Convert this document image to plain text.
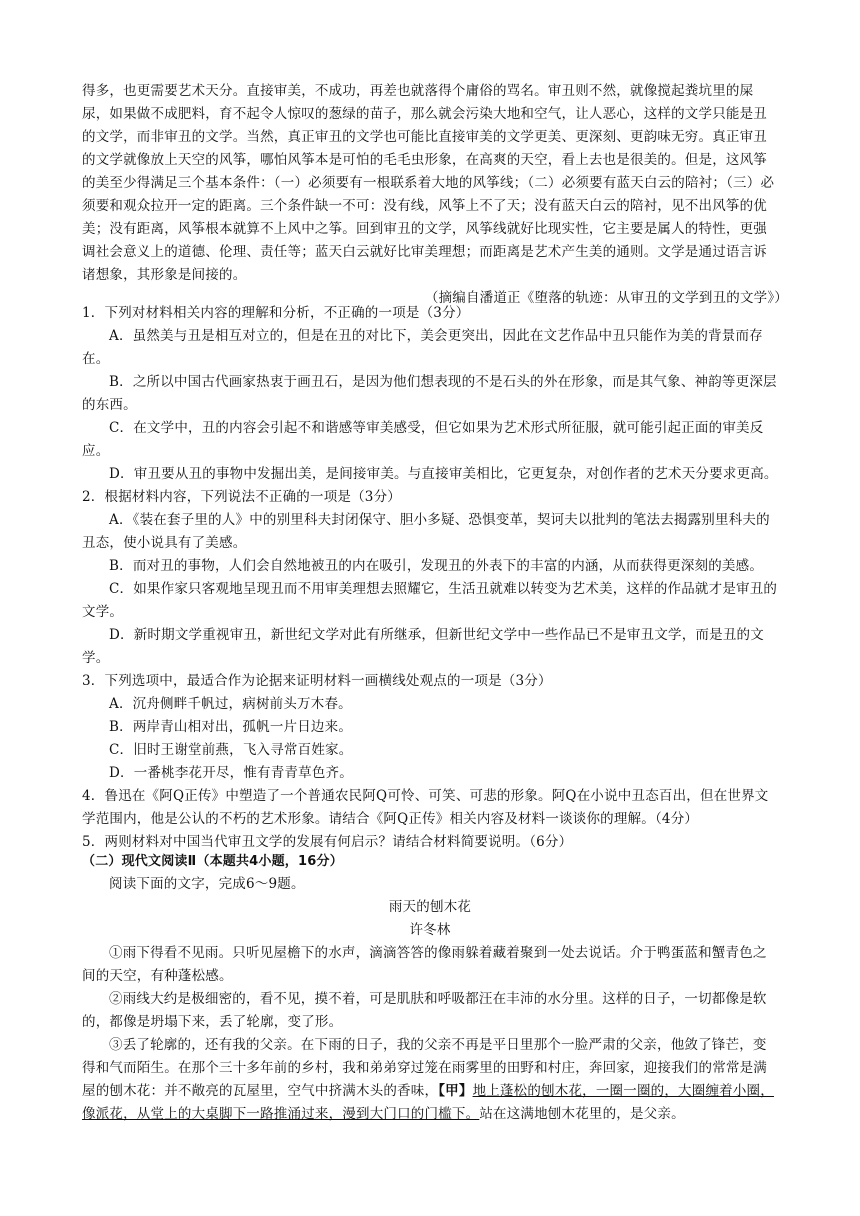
得多，也更需要艺术天分。直接审美，不成功，再差也就落得个庸俗的骂名。审丑则不然，就像搅起粪坑里的屎尿，如果做不成肥料，育不起令人惊叹的葱绿的苗子，那么就会污染大地和空气，让人恶心，这样的文学只能是丑的文学，而非审丑的文学。当然，真正审丑的文学也可能比直接审美的文学更美、更深刻、更韵味无穷。真正审丑的文学就像放上天空的风筝，哪怕风筝本是可怕的毛毛虫形象，在高爽的天空，看上去也是很美的。但是，这风筝的美至少得满足三个基本条件：（一）必须要有一根联系着大地的风筝线；（二）必须要有蓝天白云的陪衬；（三）必须要和观众拉开一定的距离。三个条件缺一不可：没有线，风筝上不了天；没有蓝天白云的陪衬，见不出风筝的优美；没有距离，风筝根本就算不上风中之筝。回到审丑的文学，风筝线就好比现实性，它主要是属人的特性，更强调社会意义上的道德、伦理、责任等；蓝天白云就好比审美理想；而距离是艺术产生美的通则。文学是通过语言诉诸想象，其形象是间接的。

（摘编自潘道正《堕落的轨迹：从审丑的文学到丑的文学》）

1．下列对材料相关内容的理解和分析，不正确的一项是（3分）

A．虽然美与丑是相互对立的，但是在丑的对比下，美会更突出，因此在文艺作品中丑只能作为美的背景而存在。

B．之所以中国古代画家热衷于画丑石，是因为他们想表现的不是石头的外在形象，而是其气象、神韵等更深层的东西。

C．在文学中，丑的内容会引起不和谐感等审美感受，但它如果为艺术形式所征服，就可能引起正面的审美反应。

D．审丑要从丑的事物中发掘出美，是间接审美。与直接审美相比，它更复杂，对创作者的艺术天分要求更高。

2．根据材料内容，下列说法不正确的一项是（3分）

A．《装在套子里的人》中的别里科夫封闭保守、胆小多疑、恐惧变革，契诃夫以批判的笔法去揭露别里科夫的丑态，使小说具有了美感。

B．而对丑的事物，人们会自然地被丑的内在吸引，发现丑的外表下的丰富的内涵，从而获得更深刻的美感。

C．如果作家只客观地呈现丑而不用审美理想去照耀它，生活丑就难以转变为艺术美，这样的作品就才是审丑的文学。

D．新时期文学重视审丑，新世纪文学对此有所继承，但新世纪文学中一些作品已不是审丑文学，而是丑的文学。

3．下列选项中，最适合作为论据来证明材料一画横线处观点的一项是（3分）

A．沉舟侧畔千帆过，病树前头万木春。

B．两岸青山相对出，孤帆一片日边来。

C．旧时王谢堂前燕，飞入寻常百姓家。

D．一番桃李花开尽，惟有青青草色齐。

4．鲁迅在《阿Q正传》中塑造了一个普通农民阿Q可怜、可笑、可悲的形象。阿Q在小说中丑态百出，但在世界文学范围内，他是公认的不朽的艺术形象。请结合《阿Q正传》相关内容及材料一谈谈你的理解。（4分）

5．两则材料对中国当代审丑文学的发展有何启示？请结合材料简要说明。（6分）

（二）现代文阅读Ⅱ（本题共4小题，16分）

阅读下面的文字，完成6～9题。

雨天的刨木花

许冬林

①雨下得看不见雨。只听见屋檐下的水声，滴滴答答的像雨躲着藏着聚到一处去说话。介于鸭蛋蓝和蟹青色之间的天空，有种蓬松感。

②雨线大约是极细密的，看不见，摸不着，可是肌肤和呼吸都汪在丰沛的水分里。这样的日子，一切都像是软的，都像是坍塌下来，丢了轮廓，变了形。

③丢了轮廓的，还有我的父亲。在下雨的日子，我的父亲不再是平日里那个一脸严肃的父亲，他敛了锋芒，变得和气而陌生。在那个三十多年前的乡村，我和弟弟穿过笼在雨雾里的田野和村庄，奔回家，迎接我们的常常是满屋的刨木花：并不敞亮的瓦屋里，空气中挤满木头的香味，【甲】地上蓬松的刨木花，一圈一圈的，大圈缠着小圈，像派花，从堂上的大桌脚下一路推涌过来，漫到大门口的门槛下。站在这满地刨木花里的，是父亲。
